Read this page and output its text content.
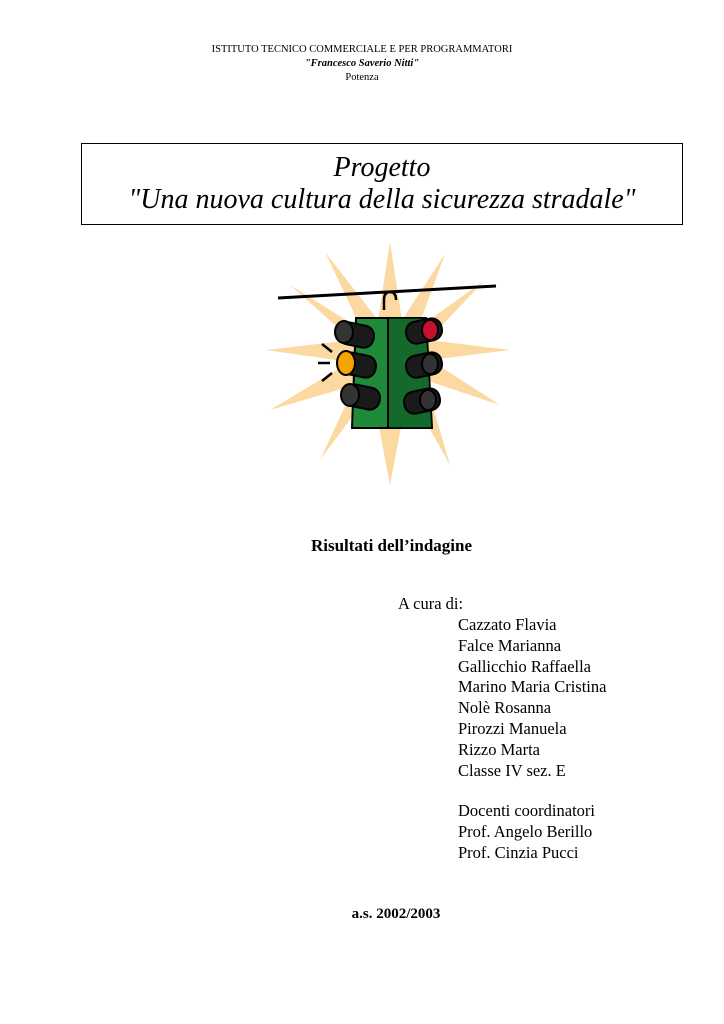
ISTITUTO TECNICO COMMERCIALE E PER PROGRAMMATORI
"Francesco Saverio Nitti"
Potenza
Progetto
"Una nuova cultura della sicurezza stradale"
Risultati dell’indagine
A cura di:
Cazzato Flavia
Falce Marianna
Gallicchio Raffaella
Marino Maria Cristina
Nolè Rosanna
Pirozzi Manuela
Rizzo Marta
Classe IV sez. E
Docenti coordinatori
Prof. Angelo Berillo
Prof. Cinzia Pucci
a.s. 2002/2003
